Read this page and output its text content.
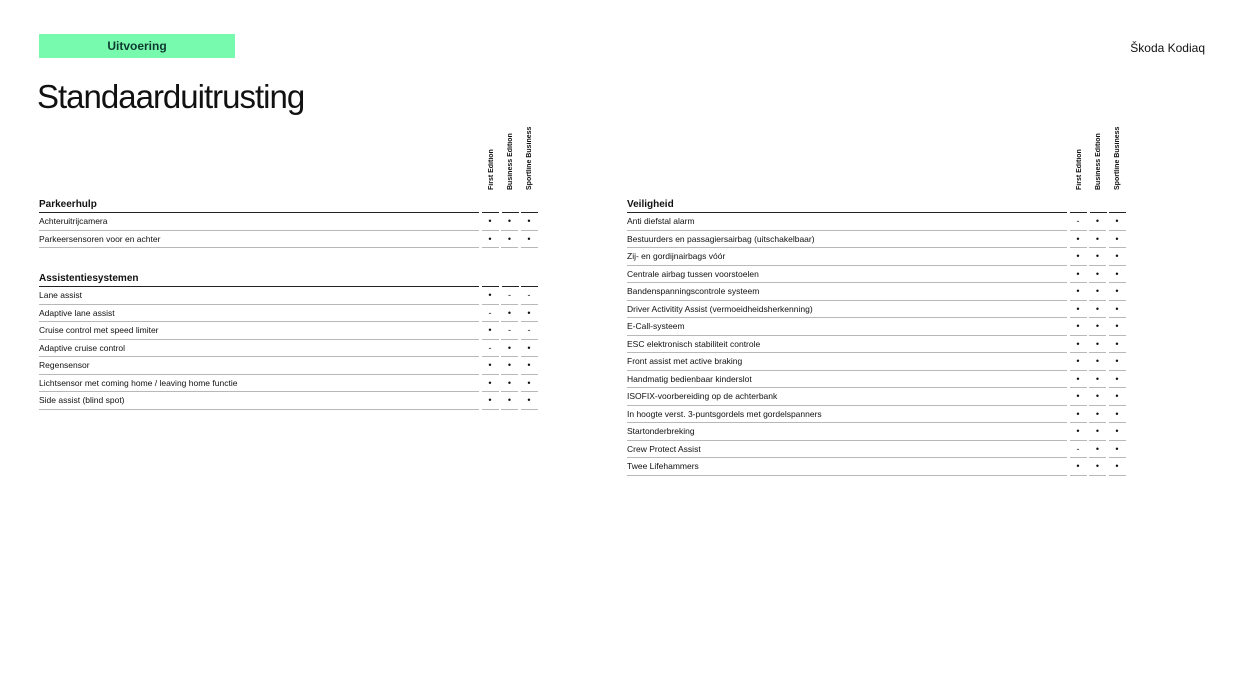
Uitvoering	Škoda Kodiaq
Standaarduitrusting
First Edition	Business Edition	Sportline Business
Parkeerhulp
Achteruitrijcamera	•	•	•
Parkeersensoren voor en achter	•	•	•
Assistentiesystemen
Lane assist	•	-	-
Adaptive lane assist	-	•	•
Cruise control met speed limiter	•	-	-
Adaptive cruise control	-	•	•
Regensensor	•	•	•
Lichtsensor met coming home / leaving home functie	•	•	•
Side assist (blind spot)	•	•	•
First Edition	Business Edition	Sportline Business
Veiligheid
Anti diefstal alarm	-	•	•
Bestuurders en passagiersairbag (uitschakelbaar)	•	•	•
Zij- en gordijnairbags vóór	•	•	•
Centrale airbag tussen voorstoelen	•	•	•
Bandenspanningscontrole systeem	•	•	•
Driver Activitity Assist (vermoeidheidsherkenning)	•	•	•
E-Call-systeem	•	•	•
ESC elektronisch stabiliteit controle	•	•	•
Front assist met active braking	•	•	•
Handmatig bedienbaar kinderslot	•	•	•
ISOFIX-voorbereiding op de achterbank	•	•	•
In hoogte verst. 3-puntsgordels met gordelspanners	•	•	•
Startonderbreking	•	•	•
Crew Protect Assist	-	•	•
Twee Lifehammers	•	•	•
